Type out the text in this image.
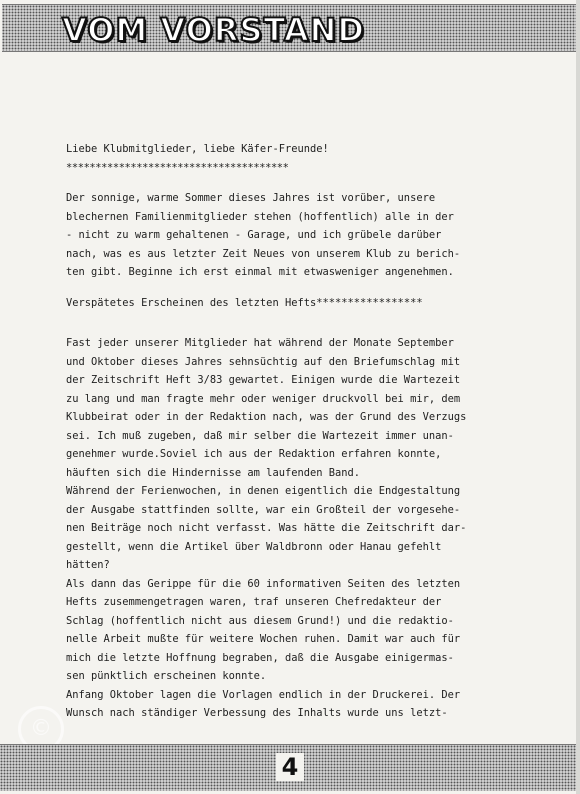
VOM VORSTAND
Liebe Klubmitglieder, liebe Käfer-Freunde!
**************************************
Der sonnige, warme Sommer dieses Jahres ist vorüber, unsere
blechernen Familienmitglieder stehen (hoffentlich) alle in der
- nicht zu warm gehaltenen - Garage, und ich grübele darüber
nach, was es aus letzter Zeit Neues von unserem Klub zu berich-
ten gibt. Beginne ich erst einmal mit etwasweniger angenehmen.
Verspätetes Erscheinen des letzten Hefts*****************
Fast jeder unserer Mitglieder hat während der Monate September
und Oktober dieses Jahres sehnsüchtig auf den Briefumschlag mit
der Zeitschrift Heft 3/83 gewartet. Einigen wurde die Wartezeit
zu lang und man fragte mehr oder weniger druckvoll bei mir, dem
Klubbeirat oder in der Redaktion nach, was der Grund des Verzugs
sei. Ich muß zugeben, daß mir selber die Wartezeit immer unan-
genehmer wurde.Soviel ich aus der Redaktion erfahren konnte,
häuften sich die Hindernisse am laufenden Band.
Während der Ferienwochen, in denen eigentlich die Endgestaltung
der Ausgabe stattfinden sollte, war ein Großteil der vorgesehe-
nen Beiträge noch nicht verfasst. Was hätte die Zeitschrift dar-
gestellt, wenn die Artikel über Waldbronn oder Hanau gefehlt
hätten?
Als dann das Gerippe für die 60 informativen Seiten des letzten
Hefts zusemmengetragen waren, traf unseren Chefredakteur der
Schlag (hoffentlich nicht aus diesem Grund!) und die redaktio-
nelle Arbeit mußte für weitere Wochen ruhen. Damit war auch für
mich die letzte Hoffnung begraben, daß die Ausgabe einigermas-
sen pünktlich erscheinen konnte.
Anfang Oktober lagen die Vorlagen endlich in der Druckerei. Der
Wunsch nach ständiger Verbessung des Inhalts wurde uns letzt-
©
4
